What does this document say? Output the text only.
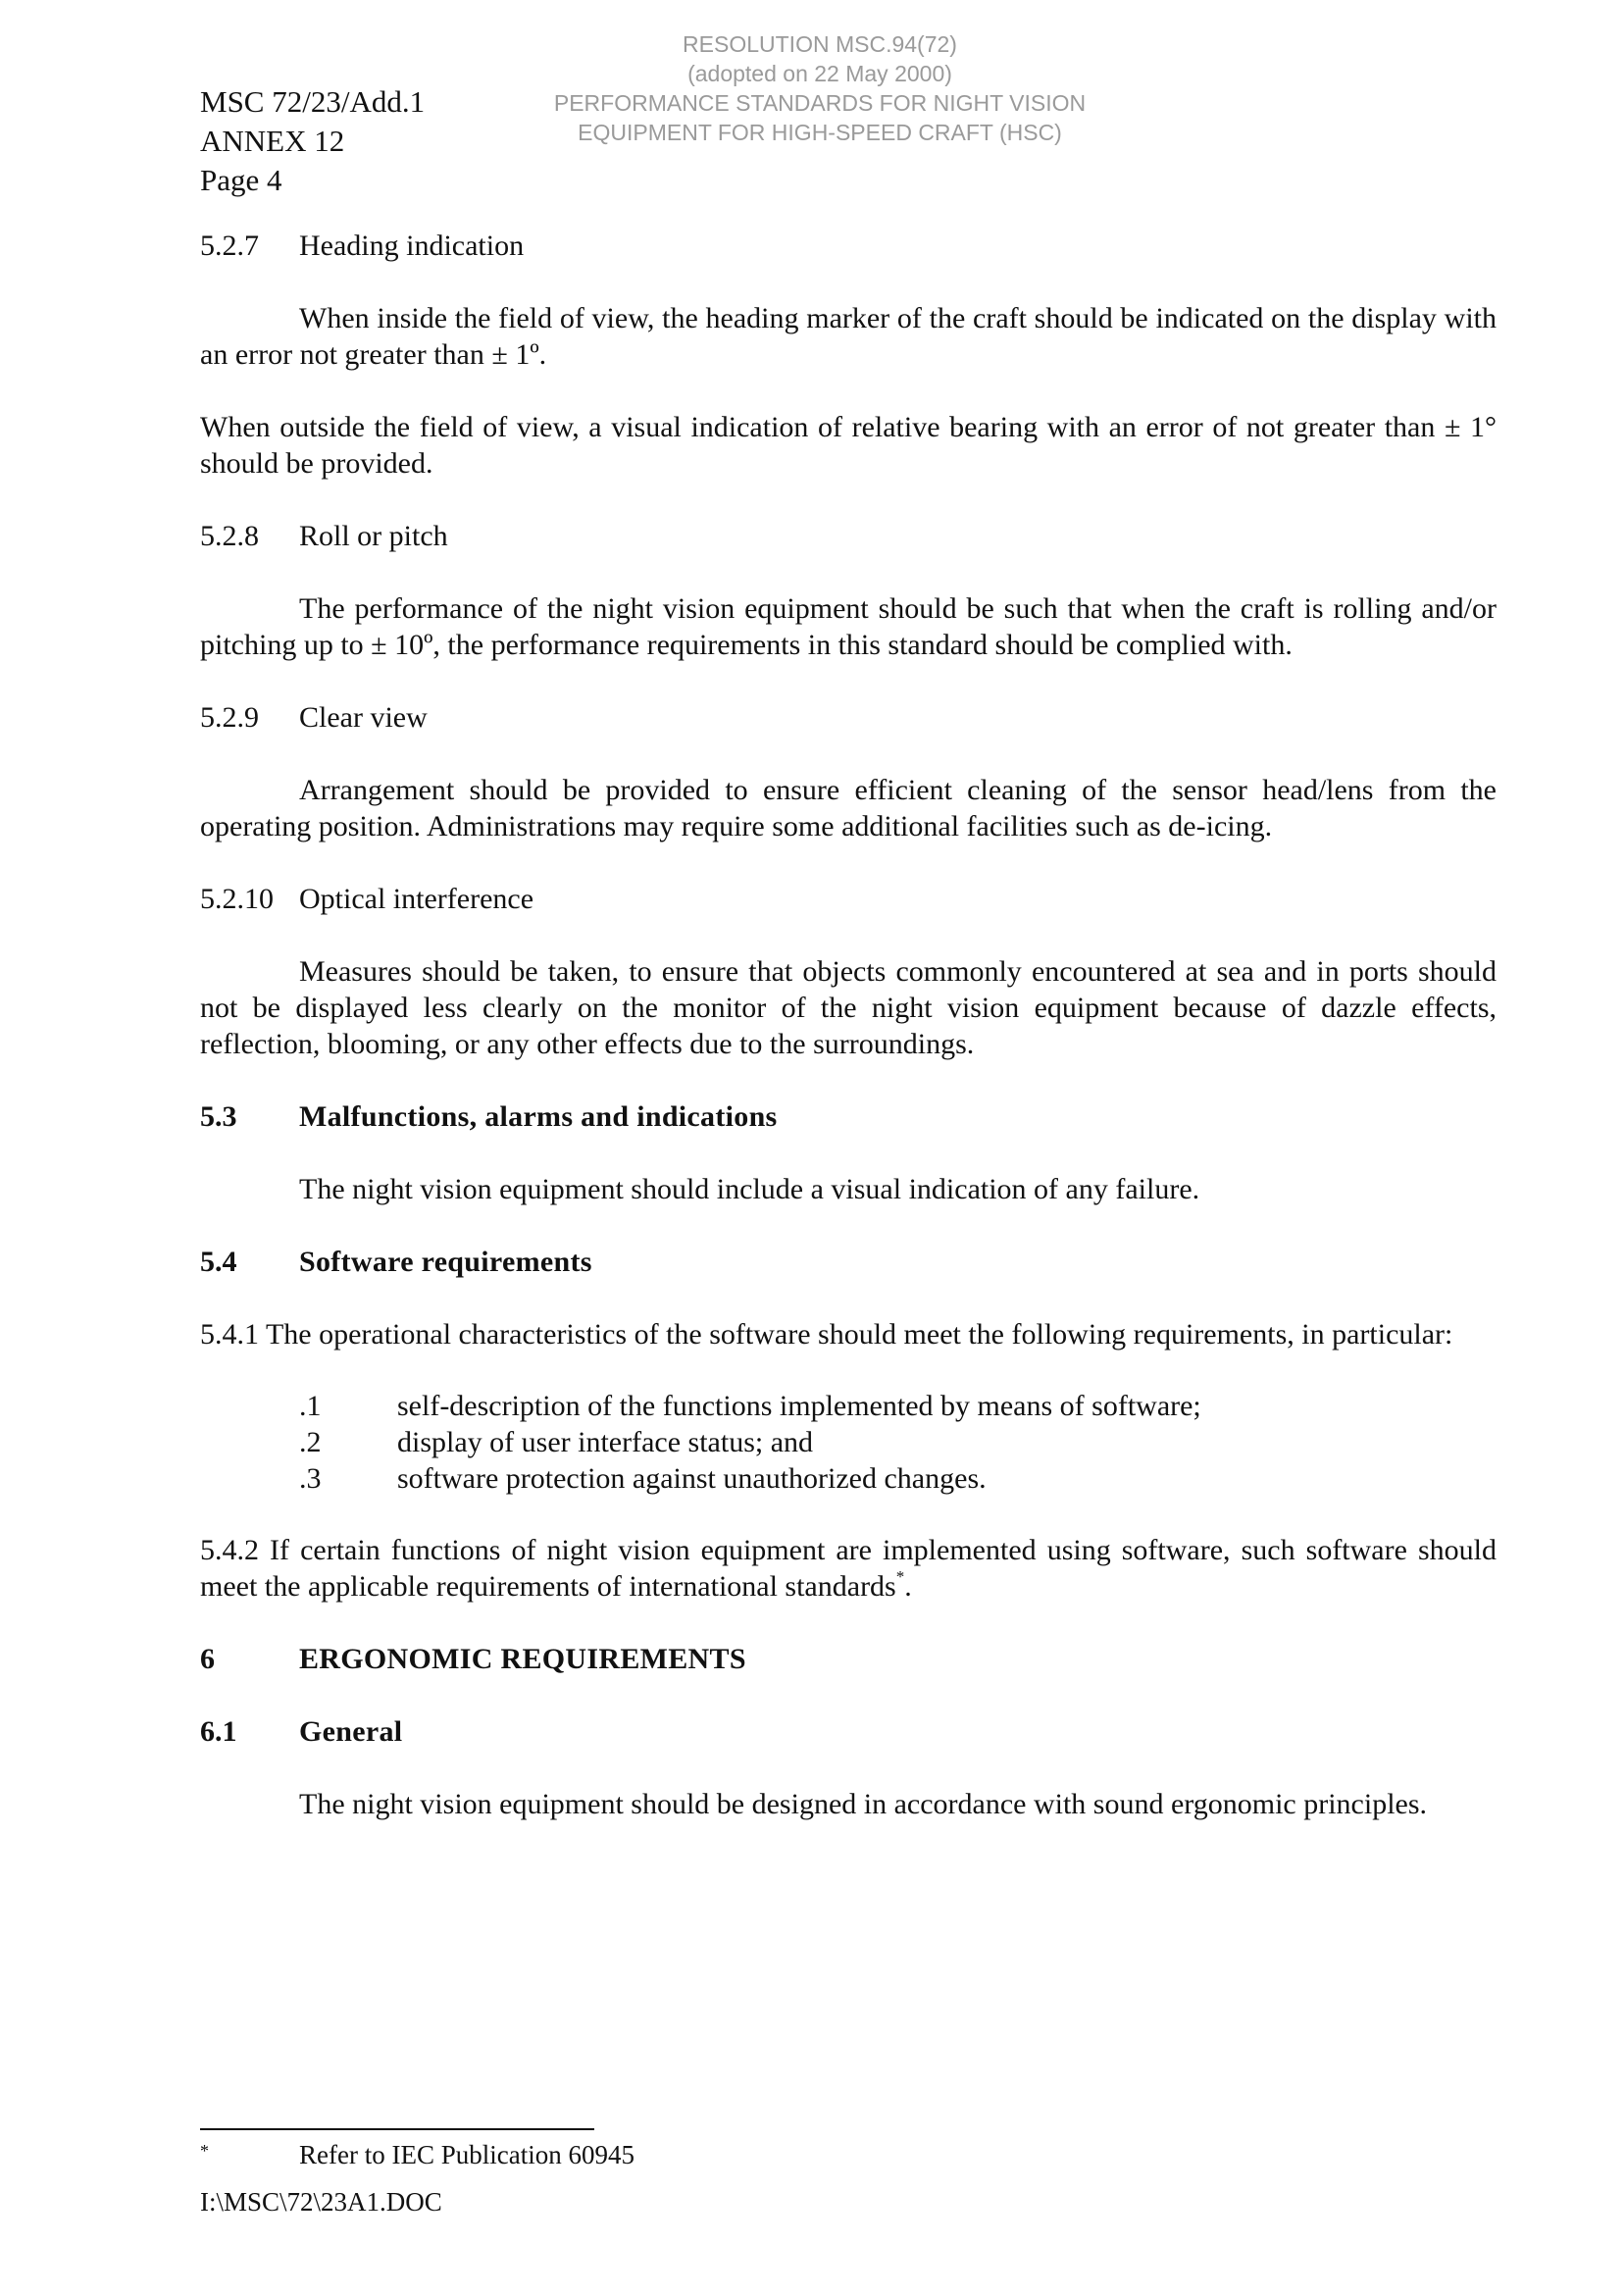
RESOLUTION MSC.94(72)
(adopted on 22 May 2000)
PERFORMANCE STANDARDS FOR NIGHT VISION
EQUIPMENT FOR HIGH-SPEED CRAFT (HSC)
MSC 72/23/Add.1
ANNEX 12
Page 4
5.2.7 Heading indication

When inside the field of view, the heading marker of the craft should be indicated on the display with an error not greater than ± 1º.

When outside the field of view, a visual indication of relative bearing with an error of not greater than ± 1° should be provided.

5.2.8 Roll or pitch

The performance of the night vision equipment should be such that when the craft is rolling and/or pitching up to ± 10º, the performance requirements in this standard should be complied with.

5.2.9 Clear view

Arrangement should be provided to ensure efficient cleaning of the sensor head/lens from the operating position. Administrations may require some additional facilities such as de-icing.

5.2.10 Optical interference

Measures should be taken, to ensure that objects commonly encountered at sea and in ports should not be displayed less clearly on the monitor of the night vision equipment because of dazzle effects, reflection, blooming, or any other effects due to the surroundings.

5.3 Malfunctions, alarms and indications

The night vision equipment should include a visual indication of any failure.

5.4 Software requirements

5.4.1 The operational characteristics of the software should meet the following requirements, in particular:

.1	self-description of the functions implemented by means of software;
.2	display of user interface status; and
.3	software protection against unauthorized changes.

5.4.2 If certain functions of night vision equipment are implemented using software, such software should meet the applicable requirements of international standards*.

6	ERGONOMIC REQUIREMENTS
6.1 General

The night vision equipment should be designed in accordance with sound ergonomic principles.

*	Refer to IEC Publication 60945
I:\MSC\72\23A1.DOC
